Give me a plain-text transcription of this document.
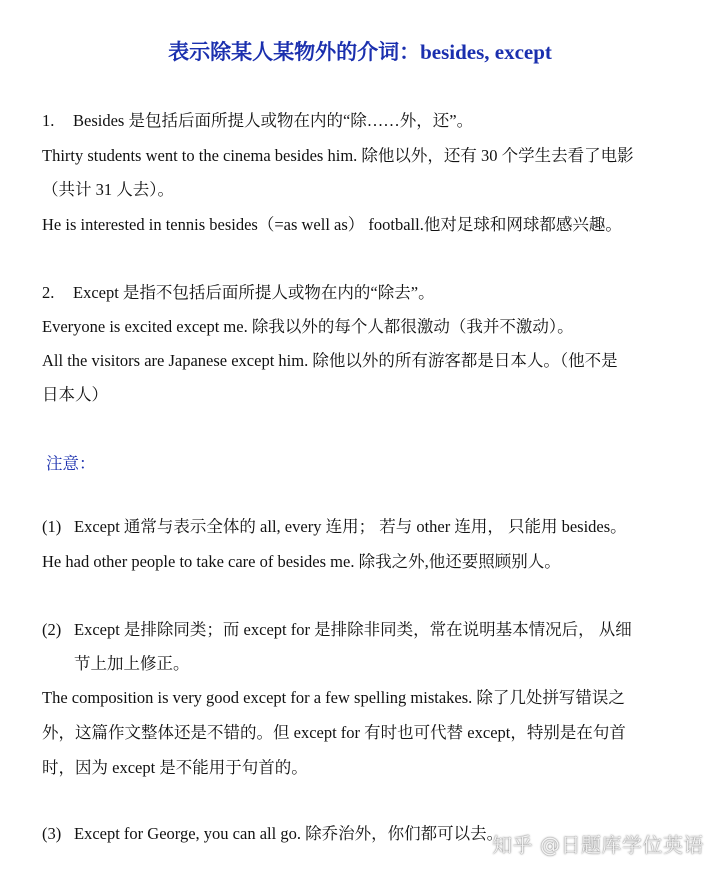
表示除某人某物外的介词：besides, except
1. Besides 是包括后面所提人或物在内的“除……外，还”。
Thirty students went to the cinema besides him. 除他以外，还有 30 个学生去看了电影
（共计 31 人去）。
He is interested in tennis besides（=as well as） football.他对足球和网球都感兴趣。
2. Except 是指不包括后面所提人或物在内的“除去”。
Everyone is excited except me. 除我以外的每个人都很激动（我并不激动）。
All the visitors are Japanese except him. 除他以外的所有游客都是日本人。（他不是
日本人）
注意：
(1) Except 通常与表示全体的 all, every 连用； 若与 other 连用， 只能用 besides。
He had other people to take care of besides me. 除我之外,他还要照顾别人。
(2) Except 是排除同类；而 except for 是排除非同类，常在说明基本情况后， 从细
节上加上修正。
The composition is very good except for a few spelling mistakes. 除了几处拼写错误之
外，这篇作文整体还是不错的。但 except for 有时也可代替 except，特别是在句首
时，因为 except 是不能用于句首的。
(3) Except for George, you can all go. 除乔治外，你们都可以去。
知乎 @日题库学位英语
